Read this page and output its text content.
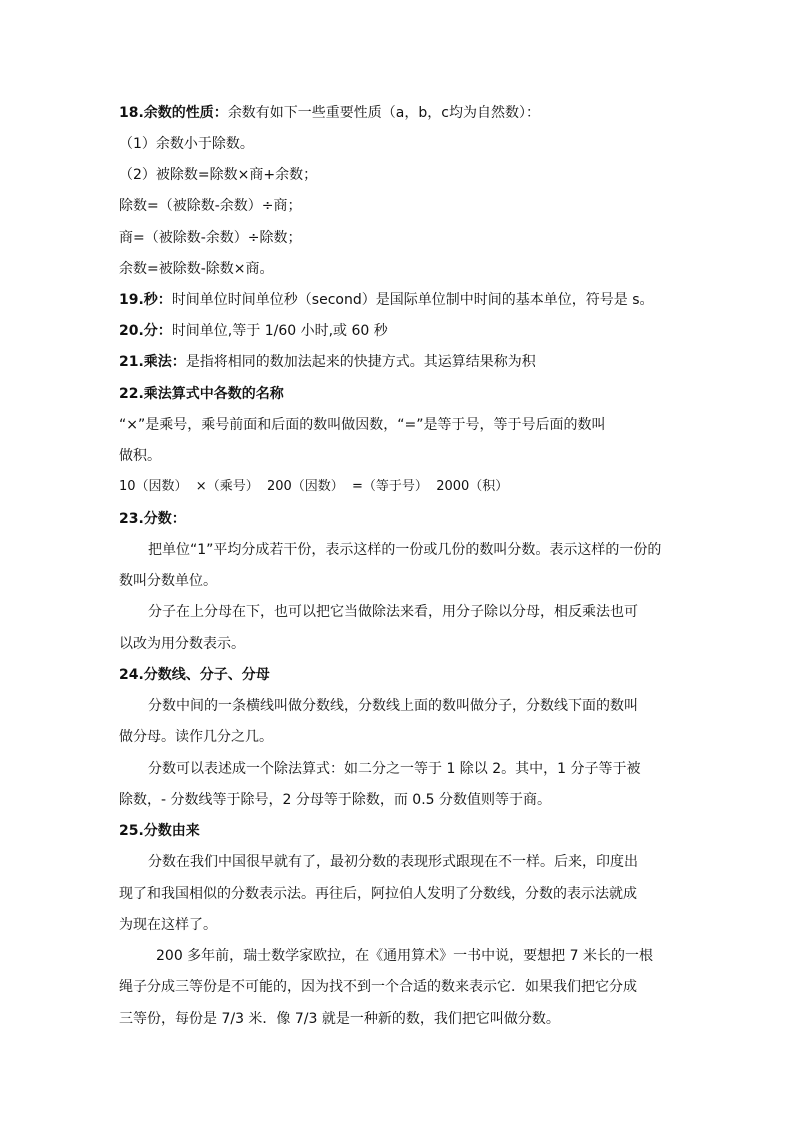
18.余数的性质：余数有如下一些重要性质（a，b，c均为自然数）：
（1）余数小于除数。
（2）被除数=除数×商+余数；
除数=（被除数-余数）÷商；
商=（被除数-余数）÷除数；
余数=被除数-除数×商。
19.秒：时间单位时间单位秒（second）是国际单位制中时间的基本单位，符号是 s。
20.分：时间单位,等于 1/60 小时,或 60 秒
21.乘法：是指将相同的数加法起来的快捷方式。其运算结果称为积
22.乘法算式中各数的名称
“×”是乘号，乘号前面和后面的数叫做因数，“=”是等于号，等于号后面的数叫
做积。
10（因数）  ×（乘号）  200（因数）  =（等于号）  2000（积）
23.分数：
把单位“1”平均分成若干份，表示这样的一份或几份的数叫分数。表示这样的一份的
数叫分数单位。
分子在上分母在下，也可以把它当做除法来看，用分子除以分母，相反乘法也可
以改为用分数表示。
24.分数线、分子、分母
分数中间的一条横线叫做分数线，分数线上面的数叫做分子，分数线下面的数叫
做分母。读作几分之几。
分数可以表述成一个除法算式：如二分之一等于 1 除以 2。其中，1 分子等于被
除数，- 分数线等于除号，2 分母等于除数，而 0.5 分数值则等于商。
25.分数由来
分数在我们中国很早就有了，最初分数的表现形式跟现在不一样。后来，印度出
现了和我国相似的分数表示法。再往后，阿拉伯人发明了分数线，分数的表示法就成
为现在这样了。
200 多年前，瑞士数学家欧拉，在《通用算术》一书中说，要想把 7 米长的一根
绳子分成三等份是不可能的，因为找不到一个合适的数来表示它．如果我们把它分成
三等份，每份是 7/3 米．像 7/3 就是一种新的数，我们把它叫做分数。
